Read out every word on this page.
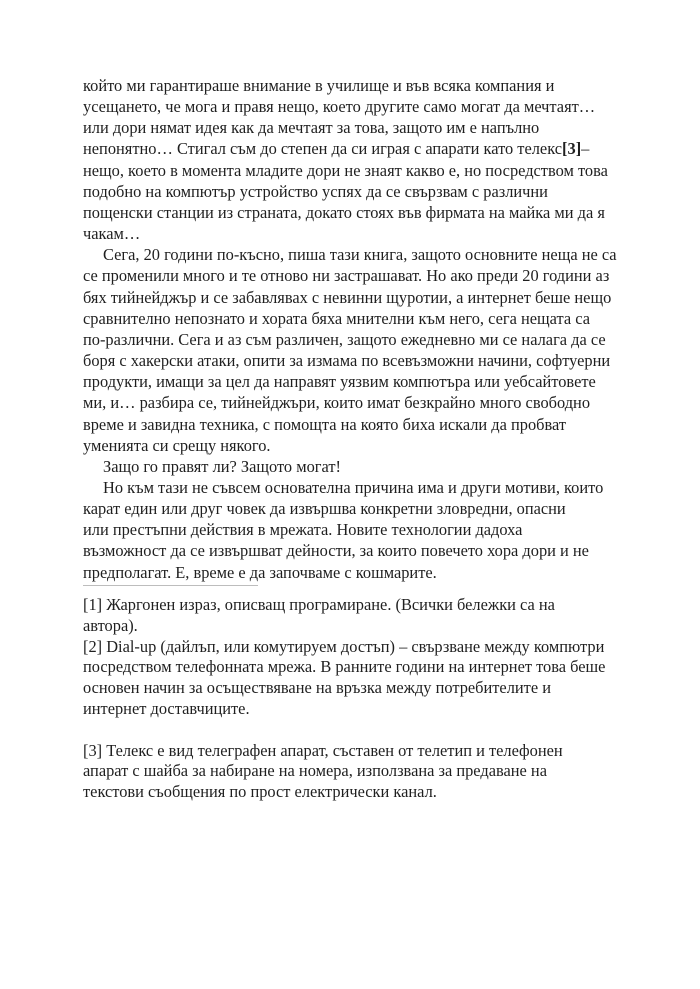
който ми гарантираше внимание в училище и във всяка компания и
усещането, че мога и правя нещо, което другите само могат да мечтаят…
или дори нямат идея как да мечтаят за това, защото им е напълно
непонятно… Стигал съм до степен да си играя с апарати като телекс[3]–
нещо, което в момента младите дори не знаят какво е, но посредством това
подобно на компютър устройство успях да се свързвам с различни
пощенски станции из страната, докато стоях във фирмата на майка ми да я
чакам…
Сега, 20 години по-късно, пиша тази книга, защото основните неща не са
се променили много и те отново ни застрашават. Но ако преди 20 години аз
бях тийнейджър и се забавлявах с невинни щуротии, а интернет беше нещо
сравнително непознато и хората бяха мнителни към него, сега нещата са
по-различни. Сега и аз съм различен, защото ежедневно ми се налага да се
боря с хакерски атаки, опити за измама по всевъзможни начини, софтуерни
продукти, имащи за цел да направят уязвим компютъра или уебсайтовете
ми, и… разбира се, тийнейджъри, които имат безкрайно много свободно
време и завидна техника, с помощта на която биха искали да пробват
уменията си срещу някого.
Защо го правят ли? Защото могат!
Но към тази не съвсем основателна причина има и други мотиви, които
карат един или друг човек да извършва конкретни зловредни, опасни
или престъпни действия в мрежата. Новите технологии дадоха
възможност да се извършват дейности, за които повечето хора дори и не
предполагат. Е, време е да започваме с кошмарите.
[1] Жаргонен израз, описващ програмиране. (Всички бележки са на
автора).
[2] Dial-up (дайлъп, или комутируем достъп) – свързване между компютри
посредством телефонната мрежа. В ранните години на интернет това беше
основен начин за осъществяване на връзка между потребителите и
интернет доставчиците.
[3] Телекс е вид телеграфен апарат, съставен от телетип и телефонен
апарат с шайба за набиране на номера, използвана за предаване на
текстови съобщения по прост електрически канал.
